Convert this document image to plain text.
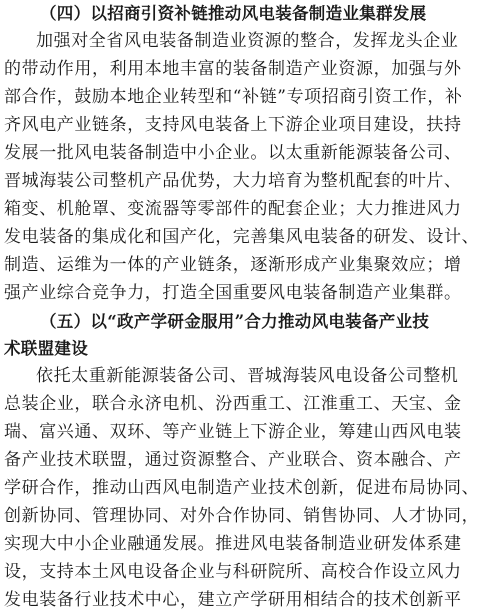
（四）以招商引资补链推动风电装备制造业集群发展
加强对全省风电装备制造业资源的整合，发挥龙头企业
的带动作用，利用本地丰富的装备制造产业资源，加强与外
部合作，鼓励本地企业转型和“补链”专项招商引资工作，补
齐风电产业链条，支持风电装备上下游企业项目建设，扶持
发展一批风电装备制造中小企业。以太重新能源装备公司、
晋城海装公司整机产品优势，大力培育为整机配套的叶片、
箱变、机舱罩、变流器等零部件的配套企业；大力推进风力
发电装备的集成化和国产化，完善集风电装备的研发、设计、
制造、运维为一体的产业链条，逐渐形成产业集聚效应；增
强产业综合竞争力，打造全国重要风电装备制造产业集群。
（五）以“政产学研金服用”合力推动风电装备产业技
术联盟建设
依托太重新能源装备公司、晋城海装风电设备公司整机
总装企业，联合永济电机、汾西重工、江淮重工、天宝、金
瑞、富兴通、双环、等产业链上下游企业，筹建山西风电装
备产业技术联盟，通过资源整合、产业联合、资本融合、产
学研合作，推动山西风电制造产业技术创新，促进布局协同、
创新协同、管理协同、对外合作协同、销售协同、人才协同，
实现大中小企业融通发展。推进风电装备制造业研发体系建
设，支持本土风电设备企业与科研院所、高校合作设立风力
发电装备行业技术中心，建立产学研用相结合的技术创新平
